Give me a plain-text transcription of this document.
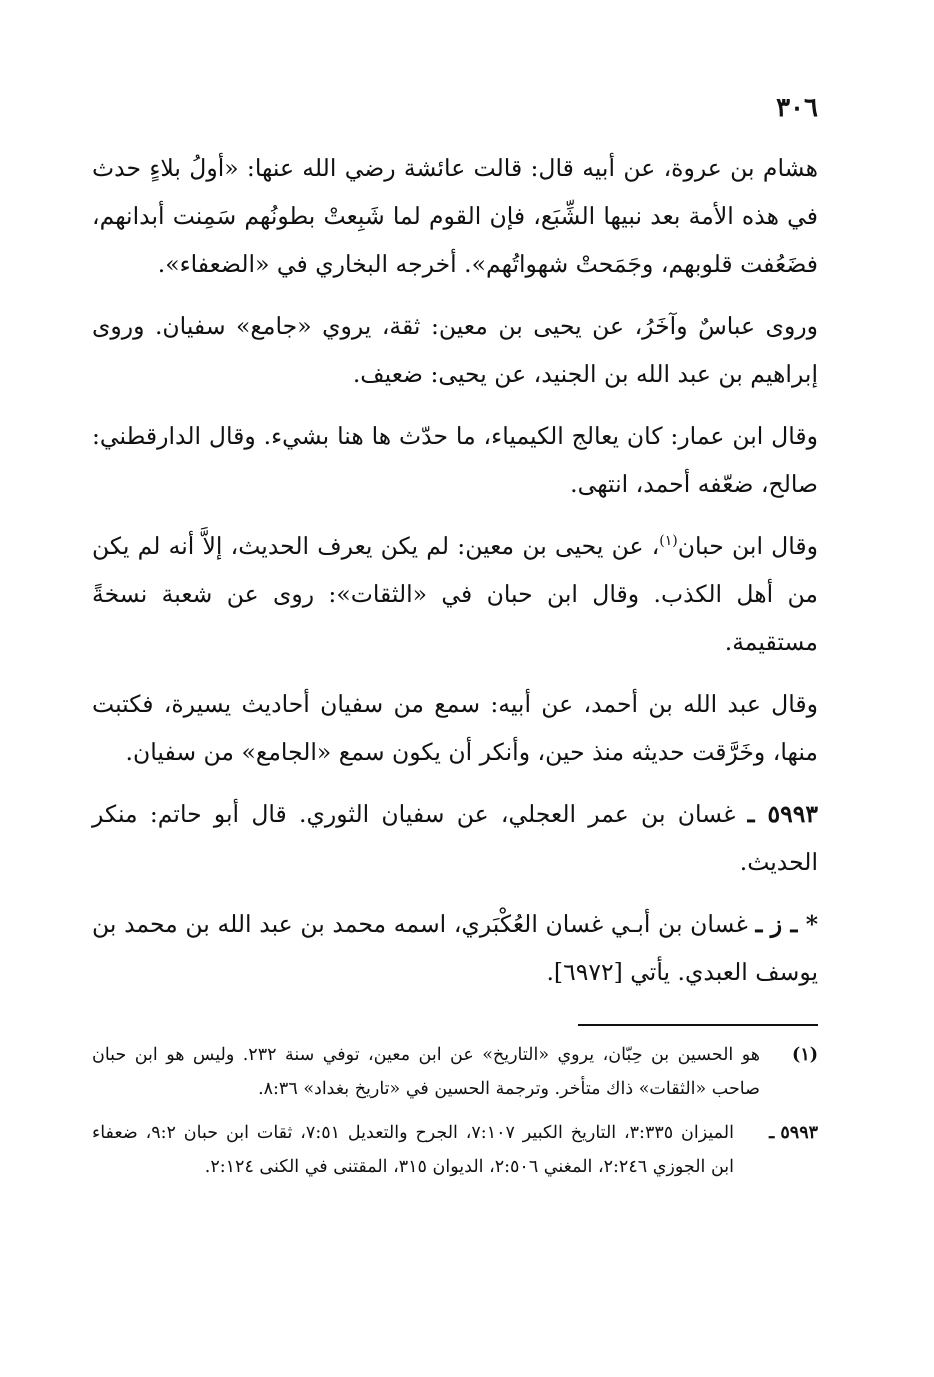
٣٠٦

هشام بن عروة، عن أبيه قال: قالت عائشة رضي الله عنها: «أولُ بلاءٍ حدث في هذه الأمة بعد نبيها الشِّبَع، فإن القوم لما شَبِعتْ بطونُهم سَمِنت أبدانهم، فضَعُفت قلوبهم، وجَمَحتْ شهواتُهم». أخرجه البخاري في «الضعفاء».

وروى عباسٌ وآخَرُ، عن يحيى بن معين: ثقة، يروي «جامع» سفيان. وروى إبراهيم بن عبد الله بن الجنيد، عن يحيى: ضعيف.

وقال ابن عمار: كان يعالج الكيمياء، ما حدّث ها هنا بشيء. وقال الدارقطني: صالح، ضعّفه أحمد، انتهى.

وقال ابن حبان$^{(١)}$، عن يحيى بن معين: لم يكن يعرف الحديث، إلاَّ أنه لم يكن من أهل الكذب. وقال ابن حبان في «الثقات»: روى عن شعبة نسخةً مستقيمة.

وقال عبد الله بن أحمد، عن أبيه: سمع من سفيان أحاديث يسيرة، فكتبت منها، وخَرَّقت حديثه منذ حين، وأنكر أن يكون سمع «الجامع» من سفيان.

٥٩٩٣ ـ غسان بن عمر العجلي، عن سفيان الثوري. قال أبو حاتم: منكر الحديث.

* ـ ز ـ غسان بن أبـي غسان العُكْبَري، اسمه محمد بن عبد الله بن محمد بن يوسف العبدي. يأتي [٦٩٧٢].

(١)
هو الحسين بن حِبّان، يروي «التاريخ» عن ابن معين، توفي سنة ٢٣٢. وليس هو ابن حبان صاحب «الثقات» ذاك متأخر. وترجمة الحسين في «تاريخ بغداد» ٨:٣٦.
٥٩٩٣ ـ
الميزان ٣:٣٣٥، التاريخ الكبير ٧:١٠٧، الجرح والتعديل ٧:٥١، ثقات ابن حبان ٩:٢، ضعفاء ابن الجوزي ٢:٢٤٦، المغني ٢:٥٠٦، الديوان ٣١٥، المقتنى في الكنى ٢:١٢٤.
